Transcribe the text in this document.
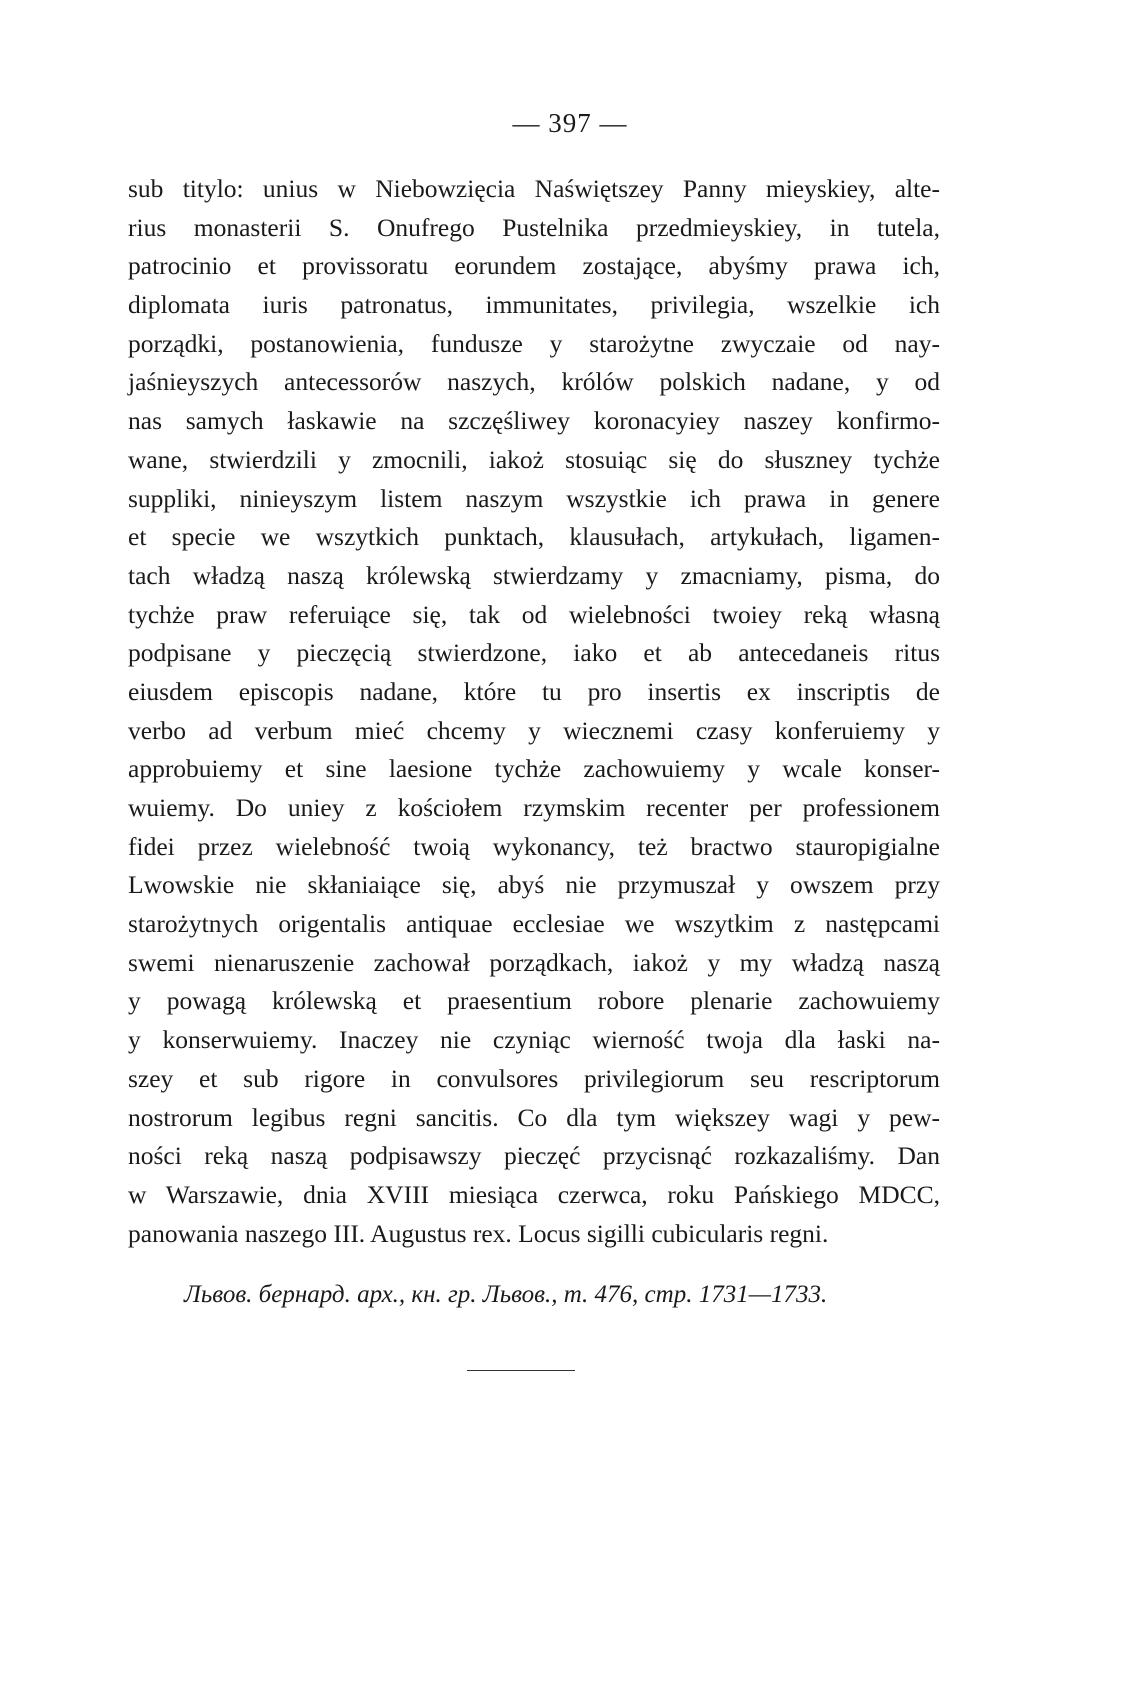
— 397 —
sub titylo: unius w Niebowzięcia Naświętszey Panny mieyskiey, alte-
rius monasterii S. Onufrego Pustelnika przedmieyskiey, in tutela,
patrocinio et provissoratu eorundem zostające, abyśmy prawa ich,
diplomata iuris patronatus, immunitates, privilegia, wszelkie ich
porządki, postanowienia, fundusze y starożytne zwyczaie od nay-
jaśnieyszych antecessorów naszych, królów polskich nadane, y od
nas samych łaskawie na szczęśliwey koronacyiey naszey konfirmo-
wane, stwierdzili y zmocnili, iakoż stosuiąc się do słuszney tychże
suppliki, ninieyszym listem naszym wszystkie ich prawa in genere
et specie we wszytkich punktach, klausułach, artykułach, ligamen-
tach władzą naszą królewską stwierdzamy y zmacniamy, pisma, do
tychże praw referuiące się, tak od wielebności twoiey reką własną
podpisane y pieczęcią stwierdzone, iako et ab antecedaneis ritus
eiusdem episcopis nadane, które tu pro insertis ex inscriptis de
verbo ad verbum mieć chcemy y wiecznemi czasy konferuiemy y
approbuiemy et sine laesione tychże zachowuiemy y wcale konser-
wuiemy. Do uniey z kościołem rzymskim recenter per professionem
fidei przez wielebność twoią wykonancy, też bractwo stauropigialne
Lwowskie nie skłaniaiące się, abyś nie przymuszał y owszem przy
starożytnych origentalis antiquae ecclesiae we wszytkim z następcami
swemi nienaruszenie zachował porządkach, iakoż y my władzą naszą
y powagą królewską et praesentium robore plenarie zachowuiemy
y konserwuiemy. Inaczey nie czyniąc wierność twoja dla łaski na-
szey et sub rigore in convulsores privilegiorum seu rescriptorum
nostrorum legibus regni sancitis. Co dla tym większey wagi y pew-
ności reką naszą podpisawszy pieczęć przycisnąć rozkazaliśmy. Dan
w Warszawie, dnia XVIII miesiąca czerwca, roku Pańskiego MDCC,
panowania naszego III. Augustus rex. Locus sigilli cubicularis regni.
Львов. бернард. арх., кн. гр. Львов., т. 476, стр. 1731—1733.
